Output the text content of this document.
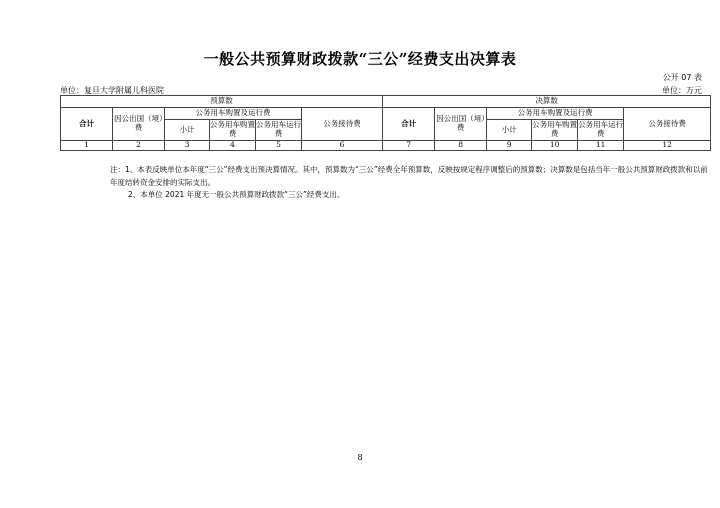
一般公共预算财政拨款“三公”经费支出决算表
公开 07 表
单位：复旦大学附属儿科医院	单位：万元
预算数						决算数					
合计	因公出国（境）费	公务用车购置及运行费			公务接待费	合计	因公出国（境）费	公务用车购置及运行费			公务接待费
		小计	公务用车购置费	公务用车运行费				小计	公务用车购置费	公务用车运行费	
1	2	3	4	5	6	7	8	9	10	11	12
注：1、本表反映单位本年度“三公”经费支出预决算情况。其中，预算数为“三公”经费全年预算数，反映按规定程序调整后的预算数；决算数是包括当年一般公共预算财政拨款和以前年度结转资金安排的实际支出。
2、本单位 2021 年度无一般公共预算财政拨款“三公”经费支出。
8
